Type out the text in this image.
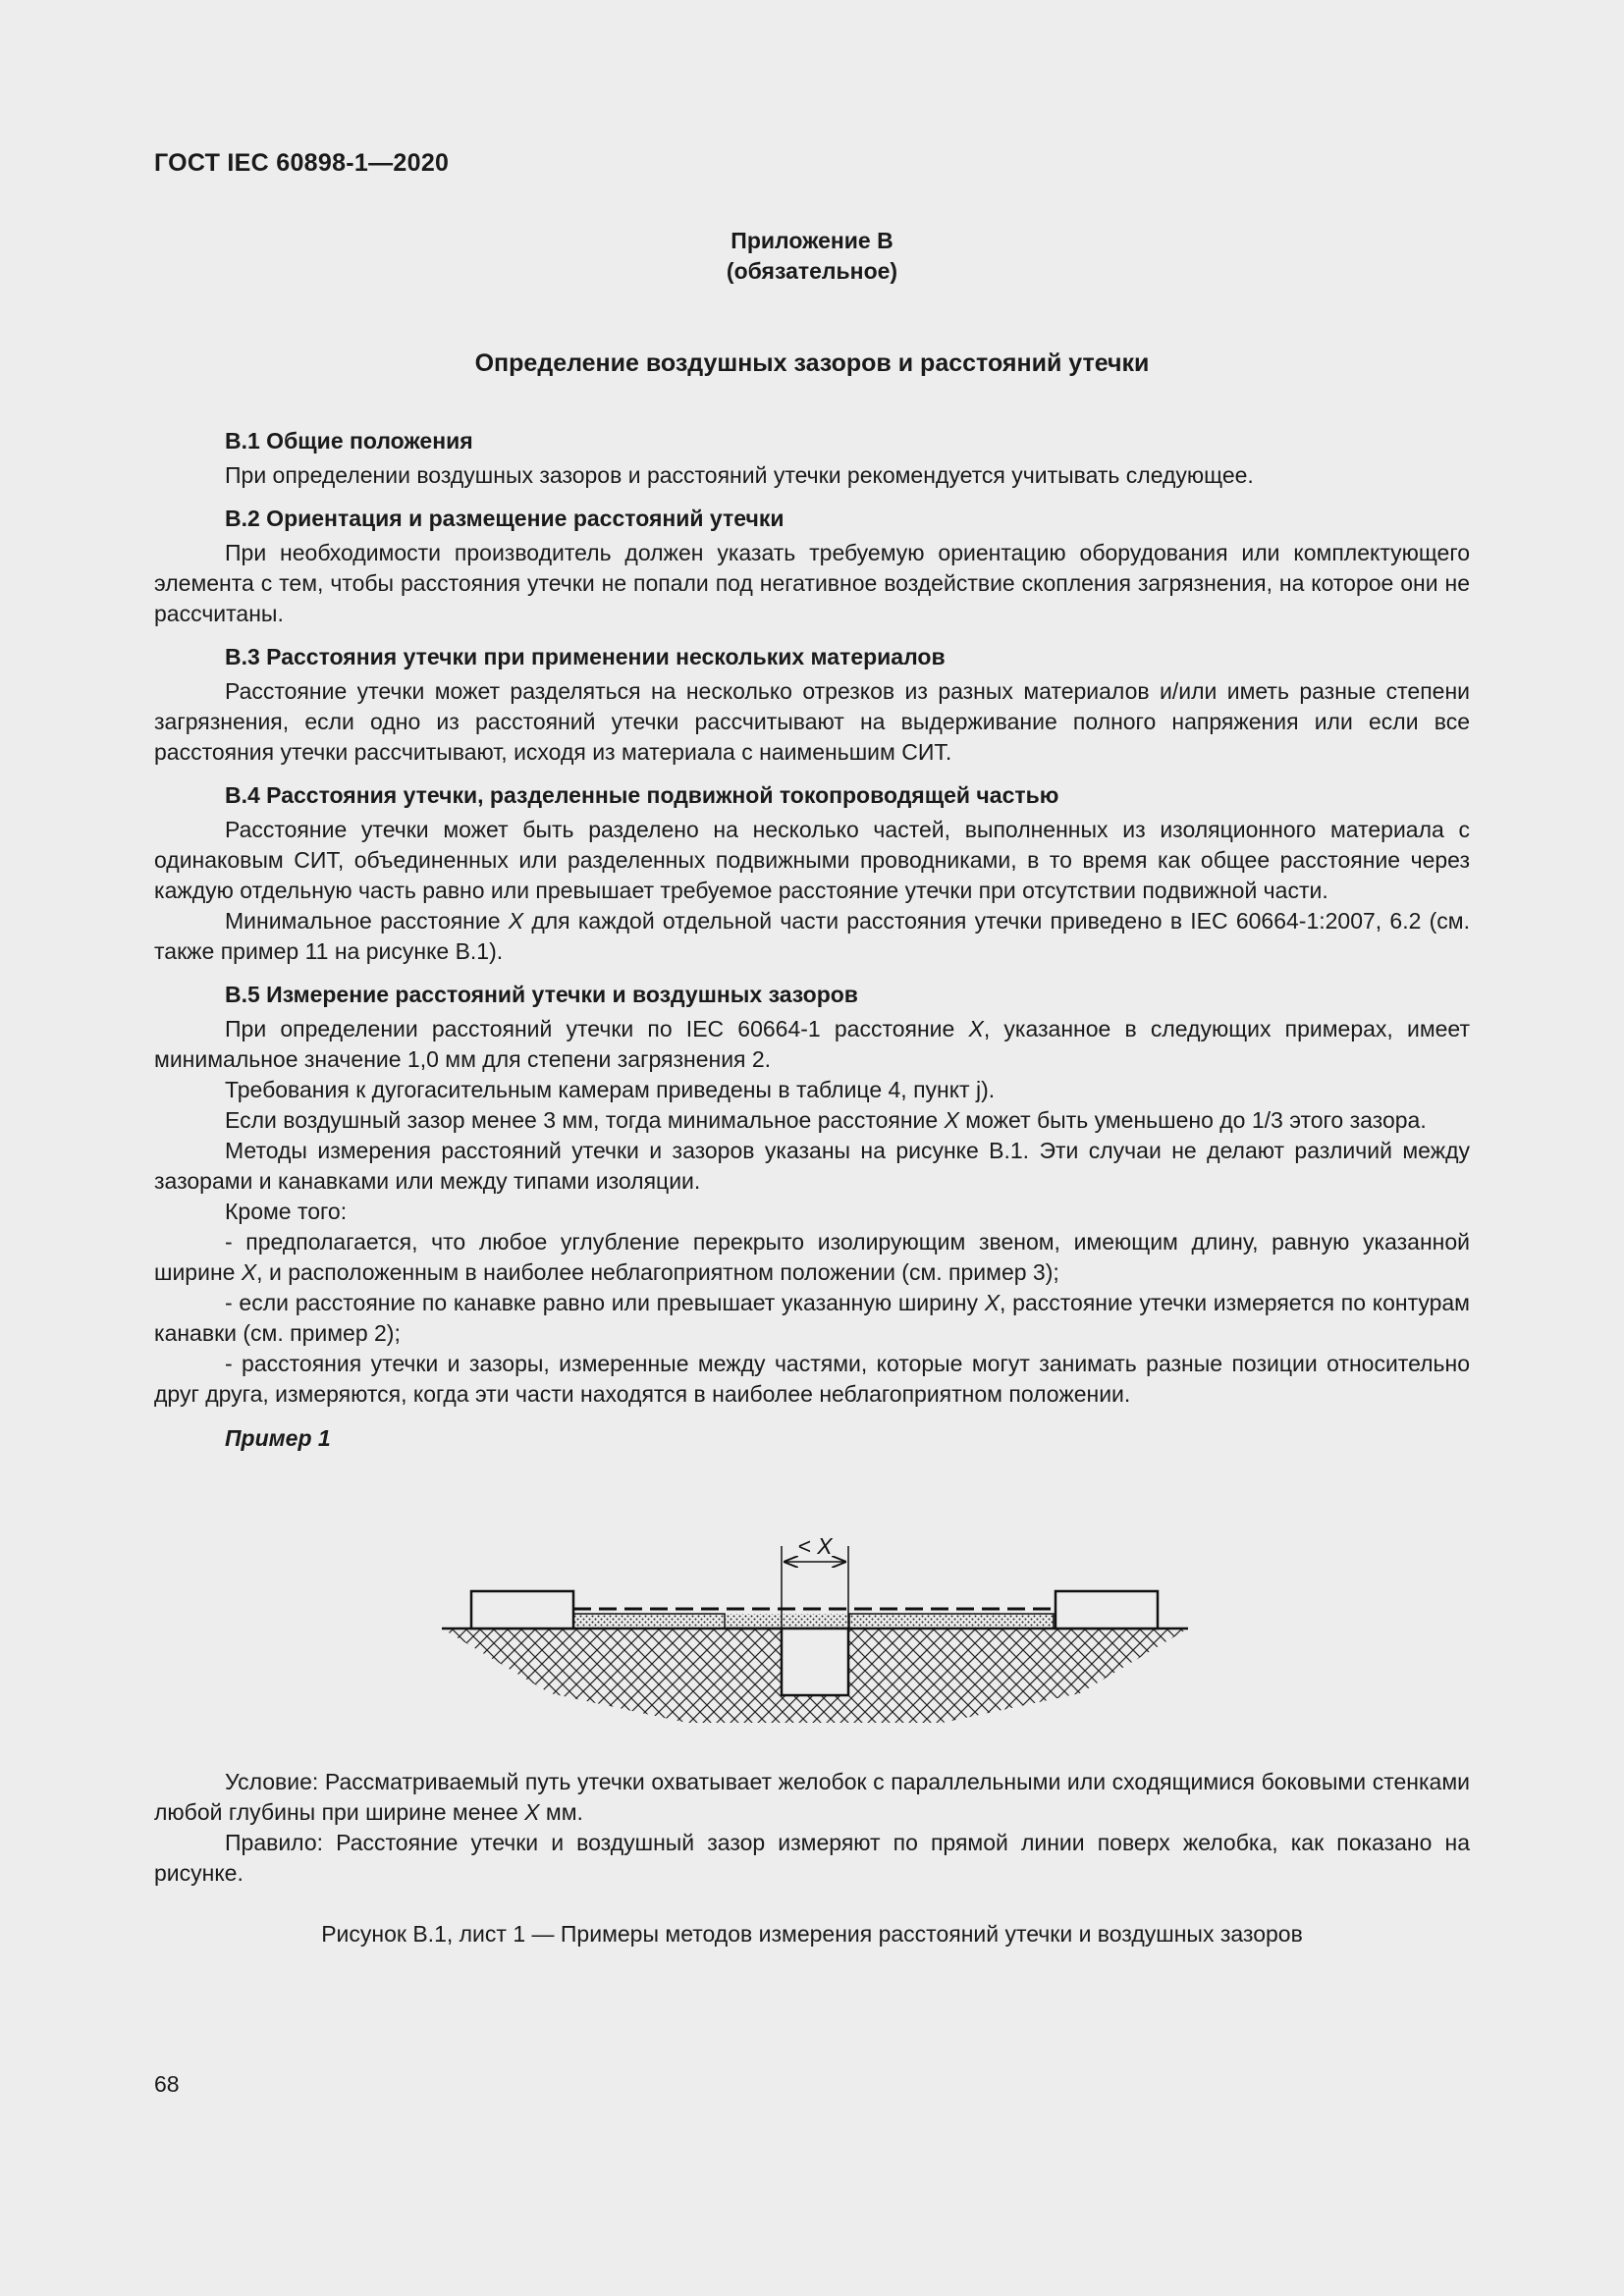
ГОСТ IEC 60898-1—2020
Приложение В
(обязательное)
Определение воздушных зазоров и расстояний утечки
В.1 Общие положения

При определении воздушных зазоров и расстояний утечки рекомендуется учитывать следующее.

В.2 Ориентация и размещение расстояний утечки

При необходимости производитель должен указать требуемую ориентацию оборудования или комплектующего элемента с тем, чтобы расстояния утечки не попали под негативное воздействие скопления загрязнения, на которое они не рассчитаны.

В.3 Расстояния утечки при применении нескольких материалов

Расстояние утечки может разделяться на несколько отрезков из разных материалов и/или иметь разные степени загрязнения, если одно из расстояний утечки рассчитывают на выдерживание полного напряжения или если все расстояния утечки рассчитывают, исходя из материала с наименьшим СИТ.

В.4 Расстояния утечки, разделенные подвижной токопроводящей частью

Расстояние утечки может быть разделено на несколько частей, выполненных из изоляционного материала с одинаковым СИТ, объединенных или разделенных подвижными проводниками, в то время как общее расстояние через каждую отдельную часть равно или превышает требуемое расстояние утечки при отсутствии подвижной части.

Минимальное расстояние X для каждой отдельной части расстояния утечки приведено в IEC 60664-1:2007, 6.2 (см. также пример 11 на рисунке В.1).

В.5 Измерение расстояний утечки и воздушных зазоров

При определении расстояний утечки по IEC 60664-1 расстояние X, указанное в следующих примерах, имеет минимальное значение 1,0 мм для степени загрязнения 2.

Требования к дугогасительным камерам приведены в таблице 4, пункт j).

Если воздушный зазор менее 3 мм, тогда минимальное расстояние X может быть уменьшено до 1/3 этого зазора.

Методы измерения расстояний утечки и зазоров указаны на рисунке В.1. Эти случаи не делают различий между зазорами и канавками или между типами изоляции.

Кроме того:

- предполагается, что любое углубление перекрыто изолирующим звеном, имеющим длину, равную указанной ширине X, и расположенным в наиболее неблагоприятном положении (см. пример 3);

- если расстояние по канавке равно или превышает указанную ширину X, расстояние утечки измеряется по контурам канавки (см. пример 2);

- расстояния утечки и зазоры, измеренные между частями, которые могут занимать разные позиции относительно друг друга, измеряются, когда эти части находятся в наиболее неблагоприятном положении.

Пример 1
< X

Условие: Рассматриваемый путь утечки охватывает желобок с параллельными или сходящимися боковыми стенками любой глубины при ширине менее X мм.

Правило: Расстояние утечки и воздушный зазор измеряют по прямой линии поверх желобка, как показано на рисунке.

Рисунок В.1, лист 1 — Примеры методов измерения расстояний утечки и воздушных зазоров
68
